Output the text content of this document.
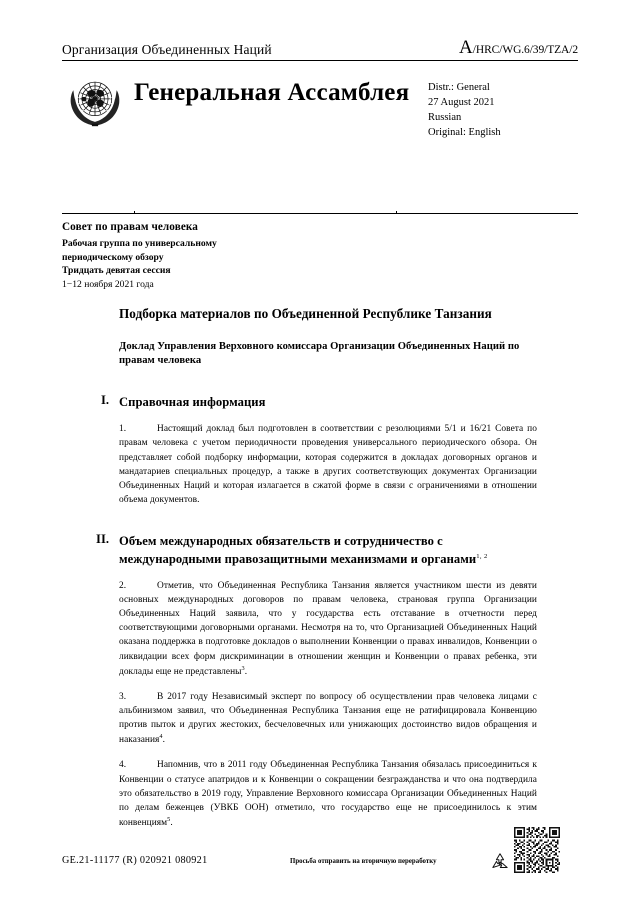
Организация Объединенных Наций	A/HRC/WG.6/39/TZA/2
Генеральная Ассамблея	Distr.: General
27 August 2021
Russian
Original: English
Совет по правам человека
Рабочая группа по универсальному
периодическому обзору
Тридцать девятая сессия
1−12 ноября 2021 года
Подборка материалов по Объединенной Республике Танзания
Доклад Управления Верховного комиссара Организации Объединенных Наций по правам человека
I. Справочная информация
1.	Настоящий доклад был подготовлен в соответствии с резолюциями 5/1 и 16/21 Совета по правам человека с учетом периодичности проведения универсального периодического обзора. Он представляет собой подборку информации, которая содержится в докладах договорных органов и мандатариев специальных процедур, а также в других соответствующих документах Организации Объединенных Наций и которая излагается в сжатой форме в связи с ограничениями в отношении объема документов.
II. Объем международных обязательств и сотрудничество с международными правозащитными механизмами и органами$^{1, 2}$
2.	Отметив, что Объединенная Республика Танзания является участником шести из девяти основных международных договоров по правам человека, страновая группа Организации Объединенных Наций заявила, что у государства есть отставание в отчетности перед соответствующими договорными органами. Несмотря на то, что Организацией Объединенных Наций оказана поддержка в подготовке докладов о выполнении Конвенции о правах инвалидов, Конвенции о ликвидации всех форм дискриминации в отношении женщин и Конвенции о правах ребенка, эти доклады еще не представлены$^3$.
3.	В 2017 году Независимый эксперт по вопросу об осуществлении прав человека лицами с альбинизмом заявил, что Объединенная Республика Танзания еще не ратифицировала Конвенцию против пыток и других жестоких, бесчеловечных или унижающих достоинство видов обращения и наказания$^4$.
4.	Напомнив, что в 2011 году Объединенная Республика Танзания обязалась присоединиться к Конвенции о статусе апатридов и к Конвенции о сокращении безгражданства и что она подтвердила это обязательство в 2019 году, Управление Верховного комиссара Организации Объединенных Наций по делам беженцев (УВКБ ООН) отметило, что государство еще не присоединилось к этим конвенциям$^5$.
GE.21-11177 (R) 020921 080921	Просьба отправить на вторичную переработку
